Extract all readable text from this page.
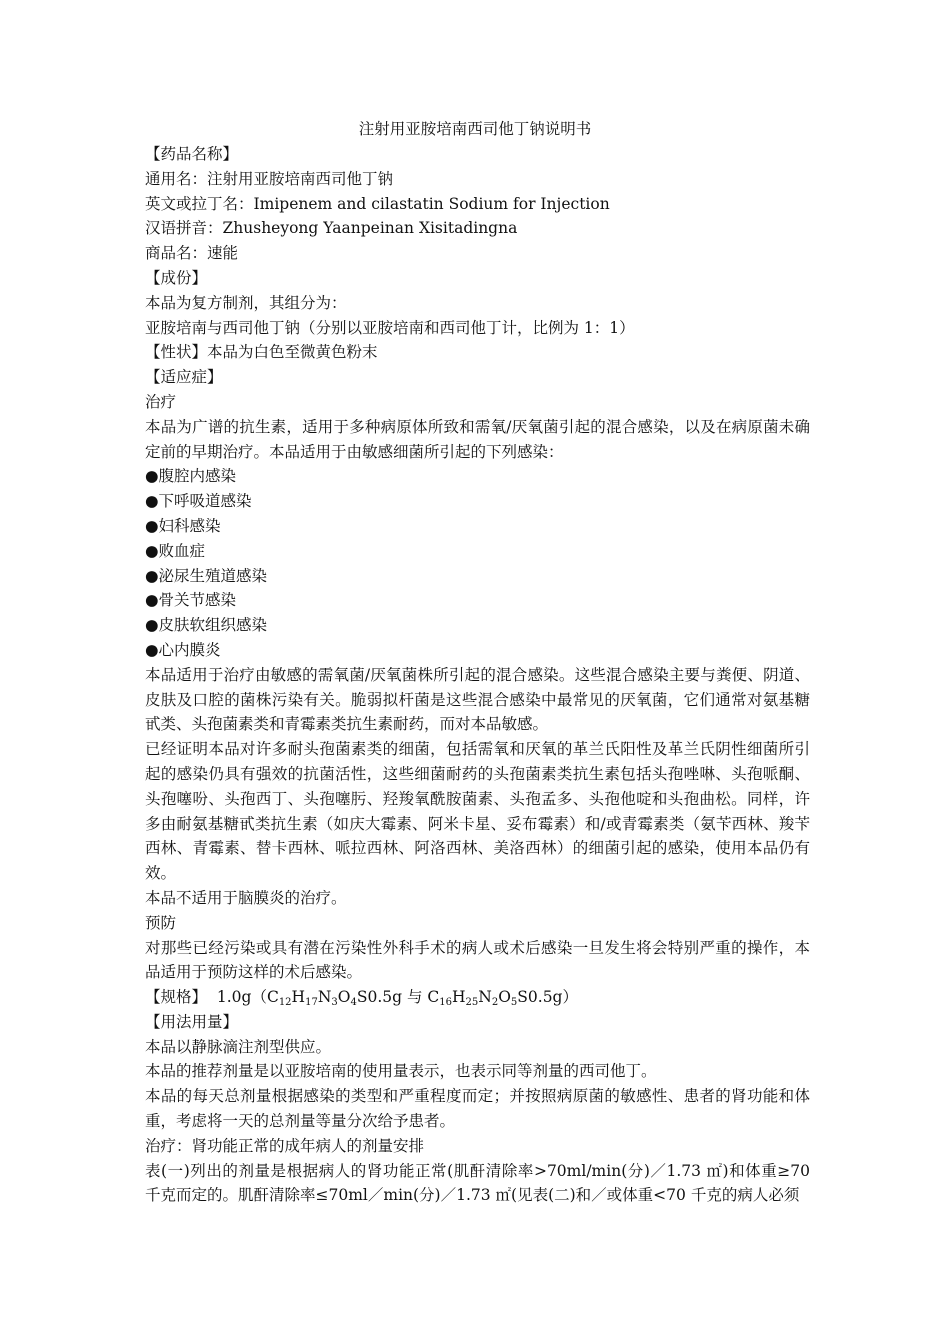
注射用亚胺培南西司他丁钠说明书

【药品名称】

通用名：注射用亚胺培南西司他丁钠

英文或拉丁名：Imipenem and cilastatin Sodium for Injection

汉语拼音：Zhusheyong Yaanpeinan Xisitadingna

商品名：速能

【成份】

本品为复方制剂，其组分为：

亚胺培南与西司他丁钠（分别以亚胺培南和西司他丁计，比例为 1：1）

【性状】本品为白色至微黄色粉末

【适应症】

治疗

本品为广谱的抗生素，适用于多种病原体所致和需氧/厌氧菌引起的混合感染，以及在病原菌未确定前的早期治疗。本品适用于由敏感细菌所引起的下列感染：

●腹腔内感染

●下呼吸道感染

●妇科感染

●败血症

●泌尿生殖道感染

●骨关节感染

●皮肤软组织感染

●心内膜炎

本品适用于治疗由敏感的需氧菌/厌氧菌株所引起的混合感染。这些混合感染主要与粪便、阴道、皮肤及口腔的菌株污染有关。脆弱拟杆菌是这些混合感染中最常见的厌氧菌，它们通常对氨基糖甙类、头孢菌素类和青霉素类抗生素耐药，而对本品敏感。

已经证明本品对许多耐头孢菌素类的细菌，包括需氧和厌氧的革兰氏阳性及革兰氏阴性细菌所引起的感染仍具有强效的抗菌活性，这些细菌耐药的头孢菌素类抗生素包括头孢唑啉、头孢哌酮、头孢噻吩、头孢西丁、头孢噻肟、羟羧氧酰胺菌素、头孢孟多、头孢他啶和头孢曲松。同样，许多由耐氨基糖甙类抗生素（如庆大霉素、阿米卡星、妥布霉素）和/或青霉素类（氨苄西林、羧苄西林、青霉素、替卡西林、哌拉西林、阿洛西林、美洛西林）的细菌引起的感染，使用本品仍有效。

本品不适用于脑膜炎的治疗。

预防

对那些已经污染或具有潜在污染性外科手术的病人或术后感染一旦发生将会特别严重的操作，本品适用于预防这样的术后感染。

【规格】 $1.0g(C_{12}H_{17}N_3O_4S0.5g$ 与 $C_{16}H_{25}N_2O_5S0.5g$）

【用法用量】

本品以静脉滴注剂型供应。

本品的推荐剂量是以亚胺培南的使用量表示，也表示同等剂量的西司他丁。

本品的每天总剂量根据感染的类型和严重程度而定；并按照病原菌的敏感性、患者的肾功能和体重，考虑将一天的总剂量等量分次给予患者。

治疗：肾功能正常的成年病人的剂量安排

表(一)列出的剂量是根据病人的肾功能正常(肌酐清除率>70ml/min(分)／1.73 ㎡)和体重≥70 千克而定的。肌酐清除率≤70ml／min(分)／1.73 ㎡(见表(二)和／或体重<70 千克的病人必须
